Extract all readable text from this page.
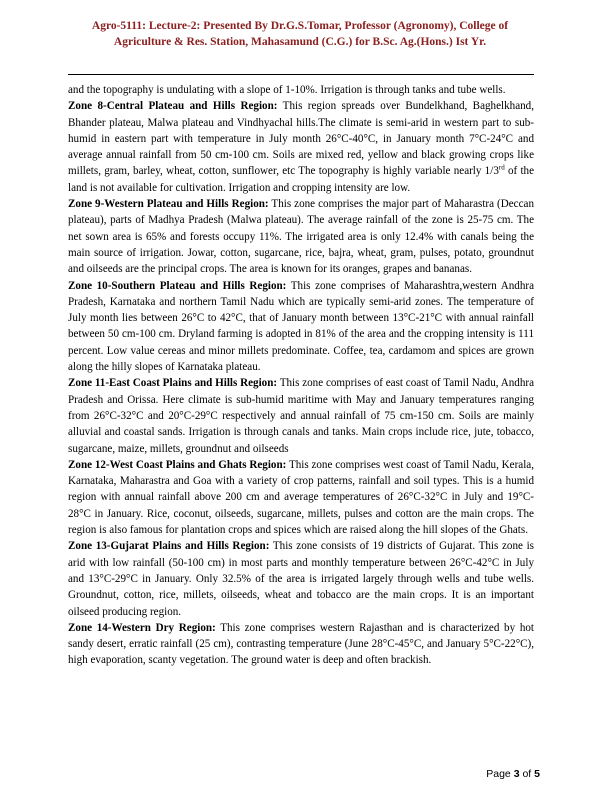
Agro-5111: Lecture-2: Presented By Dr.G.S.Tomar, Professor (Agronomy), College of
Agriculture & Res. Station, Mahasamund (C.G.) for B.Sc. Ag.(Hons.) Ist Yr.

and the topography is undulating with a slope of 1-10%. Irrigation is through tanks and tube wells.

Zone 8-Central Plateau and Hills Region: This region spreads over Bundelkhand, Baghelkhand, Bhander plateau, Malwa plateau and Vindhyachal hills.The climate is semi-arid in western part to sub-humid in eastern part with temperature in July month 26°C-40°C, in January month 7°C-24°C and average annual rainfall from 50 cm-100 cm. Soils are mixed red, yellow and black growing crops like millets, gram, barley, wheat, cotton, sunflower, etc The topography is highly variable nearly 1/3rd of the land is not available for cultivation. Irrigation and cropping intensity are low.

Zone 9-Western Plateau and Hills Region: This zone comprises the major part of Maharastra (Deccan plateau), parts of Madhya Pradesh (Malwa plateau). The average rainfall of the zone is 25-75 cm. The net sown area is 65% and forests occupy 11%. The irrigated area is only 12.4% with canals being the main source of irrigation. Jowar, cotton, sugarcane, rice, bajra, wheat, gram, pulses, potato, groundnut and oilseeds are the principal crops. The area is known for its oranges, grapes and bananas.

Zone 10-Southern Plateau and Hills Region: This zone comprises of Maharashtra,western Andhra Pradesh, Karnataka and northern Tamil Nadu which are typically semi-arid zones. The temperature of July month lies between 26°C to 42°C, that of January month between 13°C-21°C with annual rainfall between 50 cm-100 cm. Dryland farming is adopted in 81% of the area and the cropping intensity is 111 percent. Low value cereas and minor millets predominate. Coffee, tea, cardamom and spices are grown along the hilly slopes of Karnataka plateau.

Zone 11-East Coast Plains and Hills Region: This zone comprises of east coast of Tamil Nadu, Andhra Pradesh and Orissa. Here climate is sub-humid maritime with May and January temperatures ranging from 26°C-32°C and 20°C-29°C respectively and annual rainfall of 75 cm-150 cm. Soils are mainly alluvial and coastal sands. Irrigation is through canals and tanks. Main crops include rice, jute, tobacco, sugarcane, maize, millets, groundnut and oilseeds

Zone 12-West Coast Plains and Ghats Region: This zone comprises west coast of Tamil Nadu, Kerala, Karnataka, Maharastra and Goa with a variety of crop patterns, rainfall and soil types. This is a humid region with annual rainfall above 200 cm and average temperatures of 26°C-32°C in July and 19°C-28°C in January. Rice, coconut, oilseeds, sugarcane, millets, pulses and cotton are the main crops. The region is also famous for plantation crops and spices which are raised along the hill slopes of the Ghats.

Zone 13-Gujarat Plains and Hills Region: This zone consists of 19 districts of Gujarat. This zone is arid with low rainfall (50-100 cm) in most parts and monthly temperature between 26°C-42°C in July and 13°C-29°C in January. Only 32.5% of the area is irrigated largely through wells and tube wells. Groundnut, cotton, rice, millets, oilseeds, wheat and tobacco are the main crops. It is an important oilseed producing region.

Zone 14-Western Dry Region: This zone comprises western Rajasthan and is characterized by hot sandy desert, erratic rainfall (25 cm), contrasting temperature (June 28°C-45°C, and January 5°C-22°C), high evaporation, scanty vegetation. The ground water is deep and often brackish.

Page 3 of 5
